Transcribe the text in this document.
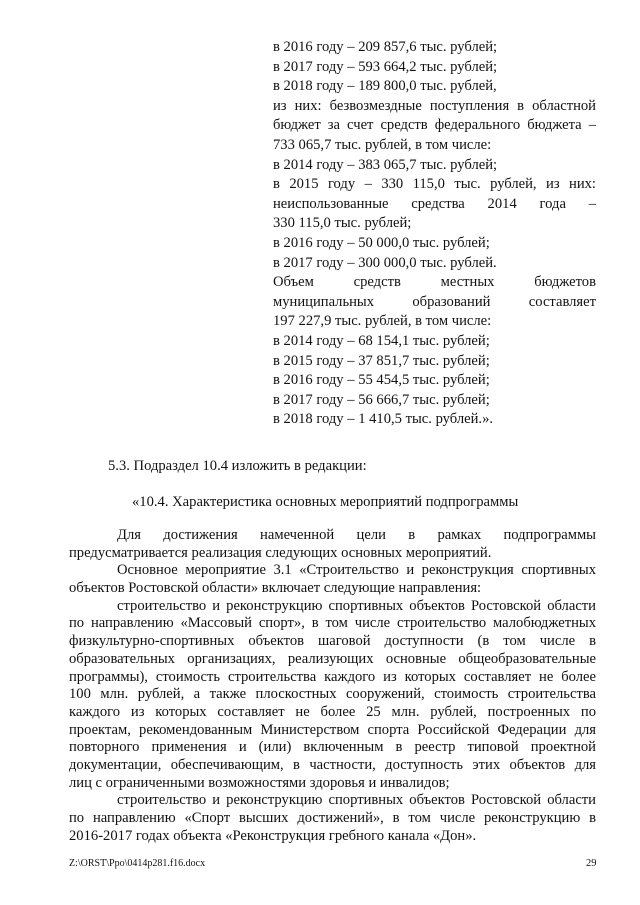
в 2016 году – 209 857,6 тыс. рублей;
в 2017 году – 593 664,2 тыс. рублей;
в 2018 году – 189 800,0 тыс. рублей,
из них: безвозмездные поступления в областной
бюджет за счет средств федерального бюджета –
733 065,7 тыс. рублей, в том числе:
в 2014 году – 383 065,7 тыс. рублей;
в 2015 году – 330 115,0 тыс. рублей, из них:
неиспользованные средства 2014 года –
330 115,0 тыс. рублей;
в 2016 году – 50 000,0 тыс. рублей;
в 2017 году – 300 000,0 тыс. рублей.
Объем средств местных бюджетов
муниципальных образований составляет
197 227,9 тыс. рублей, в том числе:
в 2014 году – 68 154,1 тыс. рублей;
в 2015 году – 37 851,7 тыс. рублей;
в 2016 году – 55 454,5 тыс. рублей;
в 2017 году – 56 666,7 тыс. рублей;
в 2018 году – 1 410,5 тыс. рублей.».
5.3. Подраздел 10.4 изложить в редакции:
«10.4. Характеристика основных мероприятий подпрограммы
Для достижения намеченной цели в рамках подпрограммы
предусматривается реализация следующих основных мероприятий.
Основное мероприятие 3.1 «Строительство и реконструкция спортивных
объектов Ростовской области» включает следующие направления:
строительство и реконструкцию спортивных объектов Ростовской области
по направлению «Массовый спорт», в том числе строительство малобюджетных
физкультурно-спортивных объектов шаговой доступности (в том числе в
образовательных организациях, реализующих основные общеобразовательные
программы), стоимость строительства каждого из которых составляет не более
100 млн. рублей, а также плоскостных сооружений, стоимость строительства
каждого из которых составляет не более 25 млн. рублей, построенных по
проектам, рекомендованным Министерством спорта Российской Федерации для
повторного применения и (или) включенным в реестр типовой проектной
документации, обеспечивающим, в частности, доступность этих объектов для
лиц с ограниченными возможностями здоровья и инвалидов;
строительство и реконструкцию спортивных объектов Ростовской области
по направлению «Спорт высших достижений», в том числе реконструкцию в
2016-2017 годах объекта «Реконструкция гребного канала «Дон».
Z:\ORST\Ppo\0414p281.f16.docx	29
